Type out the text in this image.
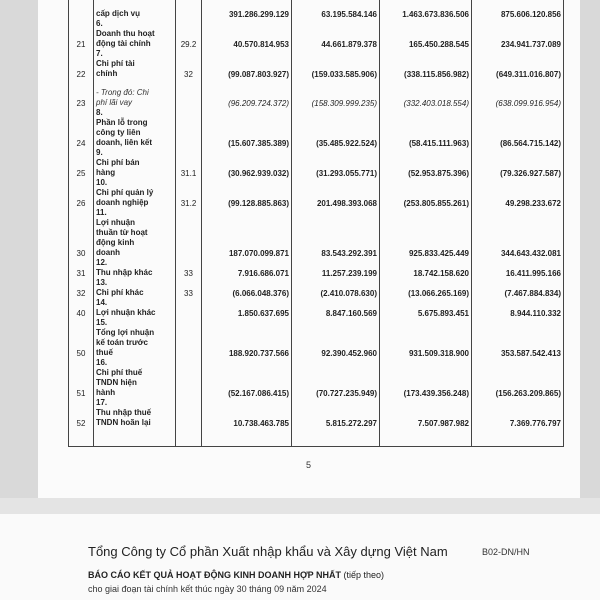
	cấp dịch vụ		391.286.299.129	63.195.584.146	1.463.673.836.506	875.606.120.856
21	6.Doanh thu hoạt động tài chính	29.2	40.570.814.953	44.661.879.378	165.450.288.545	234.941.737.089
22	7.Chi phí tài chính	32	(99.087.803.927)	(159.033.585.906)	(338.115.856.982)	(649.311.016.807)
23	- Trong đó: Chi phí lãi vay		(96.209.724.372)	(158.309.999.235)	(332.403.018.554)	(638.099.916.954)
24	8.Phần lỗ trong công ty liên doanh, liên kết		(15.607.385.389)	(35.485.922.524)	(58.415.111.963)	(86.564.715.142)
25	9.Chi phí bán hàng	31.1	(30.962.939.032)	(31.293.055.771)	(52.953.875.396)	(79.326.927.587)
26	10.Chi phí quản lý doanh nghiệp	31.2	(99.128.885.863)	201.498.393.068	(253.805.855.261)	49.298.233.672
30	11.Lợi nhuận thuần từ hoạt động kinh doanh		187.070.099.871	83.543.292.391	925.833.425.449	344.643.432.081
31	12.Thu nhập khác	33	7.916.686.071	11.257.239.199	18.742.158.620	16.411.995.166
32	13.Chi phí khác	33	(6.066.048.376)	(2.410.078.630)	(13.066.265.169)	(7.467.884.834)
40	14.Lợi nhuận khác		1.850.637.695	8.847.160.569	5.675.893.451	8.944.110.332
50	15.Tổng lợi nhuận kế toán trước thuế		188.920.737.566	92.390.452.960	931.509.318.900	353.587.542.413
51	16.Chi phí thuế TNDN hiện hành		(52.167.086.415)	(70.727.235.949)	(173.439.356.248)	(156.263.209.865)
52	17.Thu nhập thuế TNDN hoãn lại		10.738.463.785	5.815.272.297	7.507.987.982	7.369.776.797

5
Tổng Công ty Cổ phần Xuất nhập khẩu và Xây dựng Việt Nam	B02-DN/HN
BÁO CÁO KẾT QUẢ HOẠT ĐỘNG KINH DOANH HỢP NHẤT (tiếp theo)
cho giai đoạn tài chính kết thúc ngày 30 tháng 09 năm 2024
